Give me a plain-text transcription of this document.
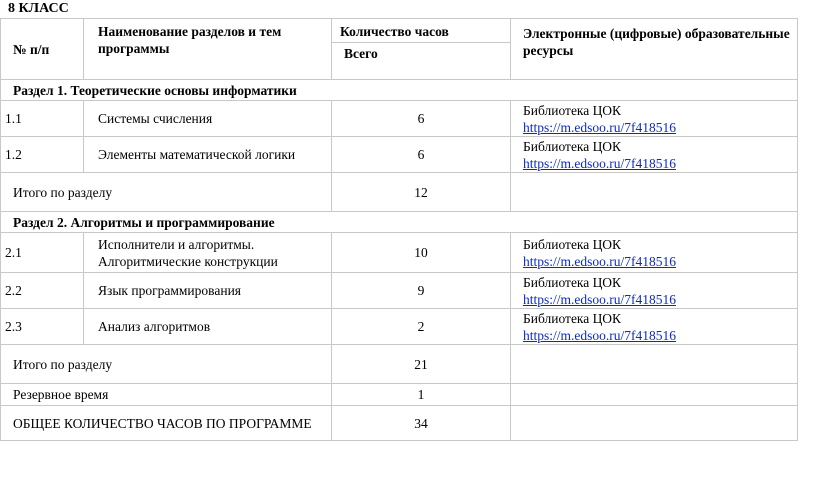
8 КЛАСС
№ п/п	Наименование разделов и тем программы	Количество часов	Электронные (цифровые) образовательные ресурсы
		Всего	
Раздел 1. Теоретические основы информатики			
1.1	Системы счисления	6	Библиотека ЦОК
https://m.edsoo.ru/7f418516
1.2	Элементы математической логики	6	Библиотека ЦОК
https://m.edsoo.ru/7f418516
Итого по разделу		12	
Раздел 2. Алгоритмы и программирование			
2.1	Исполнители и алгоритмы. Алгоритмические конструкции	10	Библиотека ЦОК
https://m.edsoo.ru/7f418516
2.2	Язык программирования	9	Библиотека ЦОК
https://m.edsoo.ru/7f418516
2.3	Анализ алгоритмов	2	Библиотека ЦОК
https://m.edsoo.ru/7f418516
Итого по разделу		21	
Резервное время		1	
ОБЩЕЕ КОЛИЧЕСТВО ЧАСОВ ПО ПРОГРАММЕ		34	
